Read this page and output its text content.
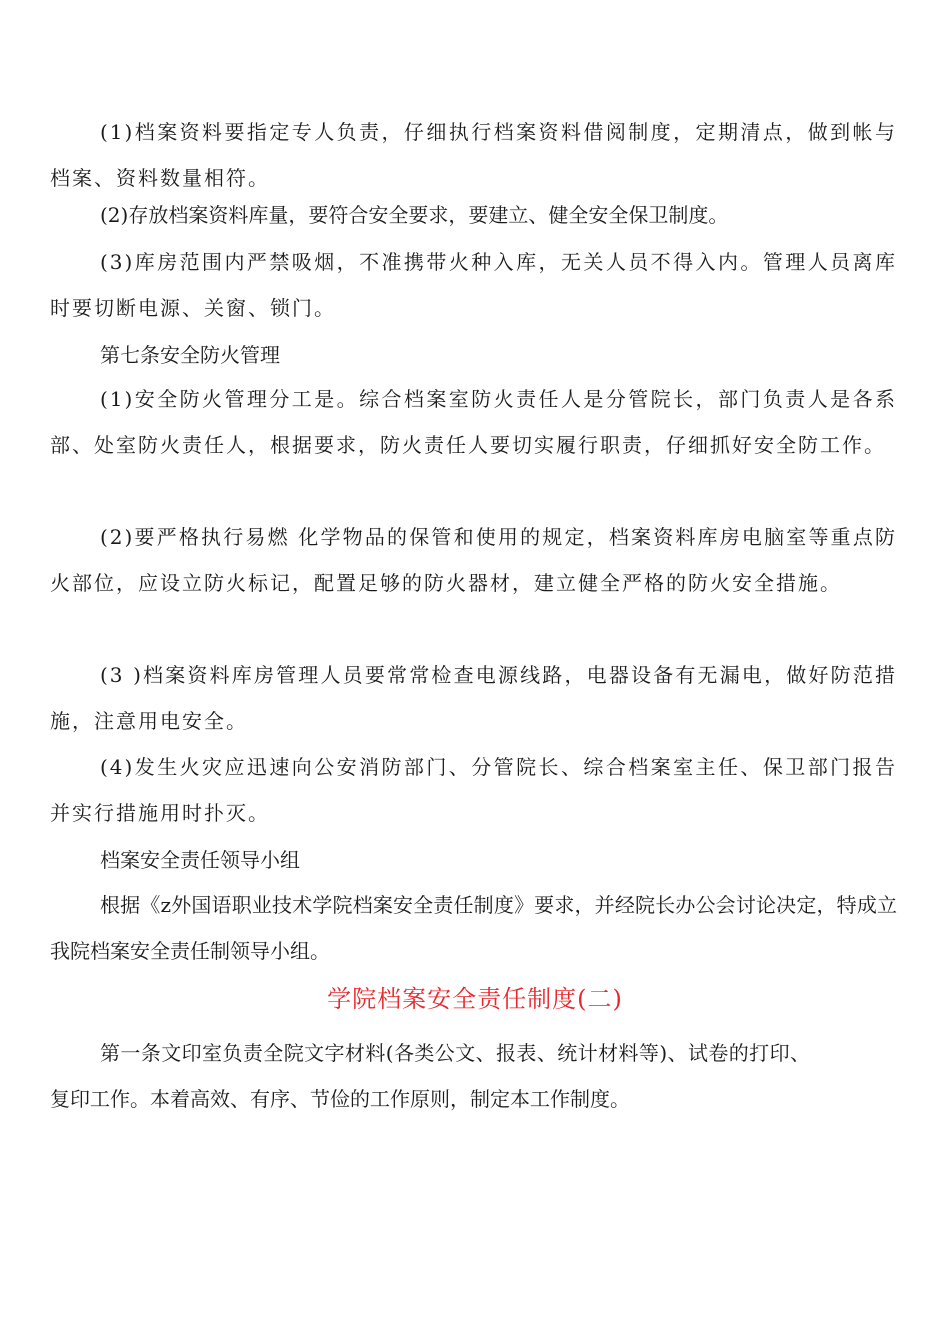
(1)档案资料要指定专人负责，仔细执行档案资料借阅制度，定期清点，做到帐与档案、资料数量相符。

(2)存放档案资料库量，要符合安全要求，要建立、健全安全保卫制度。

(3)库房范围内严禁吸烟，不准携带火种入库，无关人员不得入内。管理人员离库时要切断电源、关窗、锁门。

第七条安全防火管理

(1)安全防火管理分工是。综合档案室防火责任人是分管院长，部门负责人是各系部、处室防火责任人，根据要求，防火责任人要切实履行职责，仔细抓好安全防工作。

(2)要严格执行易燃 化学物品的保管和使用的规定，档案资料库房电脑室等重点防火部位，应设立防火标记，配置足够的防火器材，建立健全严格的防火安全措施。

(3 )档案资料库房管理人员要常常检查电源线路，电器设备有无漏电，做好防范措施，注意用电安全。

(4)发生火灾应迅速向公安消防部门、分管院长、综合档案室主任、保卫部门报告并实行措施用时扑灭。

档案安全责任领导小组

根据《z外国语职业技术学院档案安全责任制度》要求，并经院长办公会讨论决定，特成立我院档案安全责任制领导小组。

学院档案安全责任制度(二)

第一条文印室负责全院文字材料(各类公文、报表、统计材料等)、试卷的打印、复印工作。本着高效、有序、节俭的工作原则，制定本工作制度。
